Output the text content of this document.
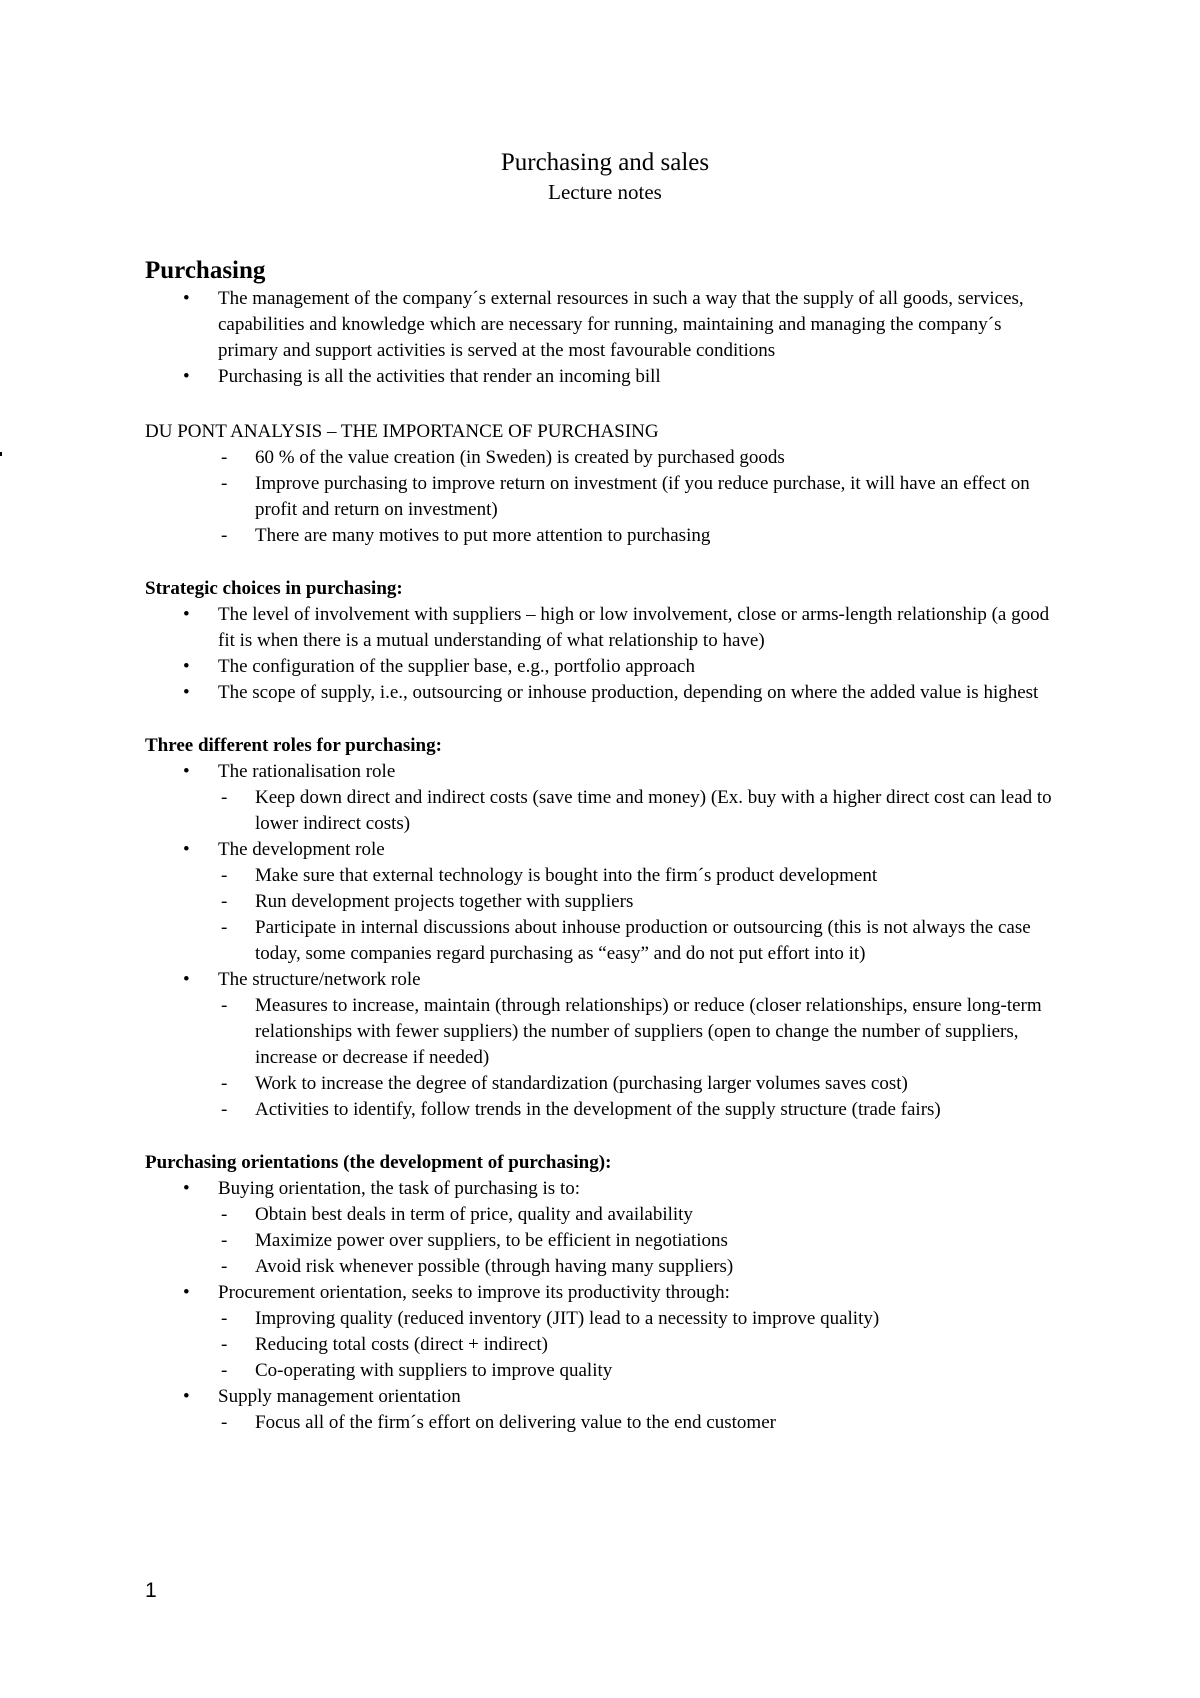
Purchasing and sales
Lecture notes
Purchasing
• The management of the company´s external resources in such a way that the supply of all goods, services, capabilities and knowledge which are necessary for running, maintaining and managing the company´s primary and support activities is served at the most favourable conditions
• Purchasing is all the activities that render an incoming bill
DU PONT ANALYSIS – THE IMPORTANCE OF PURCHASING
- 60 % of the value creation (in Sweden) is created by purchased goods
- Improve purchasing to improve return on investment (if you reduce purchase, it will have an effect on profit and return on investment)
- There are many motives to put more attention to purchasing
Strategic choices in purchasing:
• The level of involvement with suppliers – high or low involvement, close or arms-length relationship (a good fit is when there is a mutual understanding of what relationship to have)
• The configuration of the supplier base, e.g., portfolio approach
• The scope of supply, i.e., outsourcing or inhouse production, depending on where the added value is highest
Three different roles for purchasing:
• The rationalisation role
- Keep down direct and indirect costs (save time and money) (Ex. buy with a higher direct cost can lead to lower indirect costs)
• The development role
- Make sure that external technology is bought into the firm´s product development
- Run development projects together with suppliers
- Participate in internal discussions about inhouse production or outsourcing (this is not always the case today, some companies regard purchasing as “easy” and do not put effort into it)
• The structure/network role
- Measures to increase, maintain (through relationships) or reduce (closer relationships, ensure long-term relationships with fewer suppliers) the number of suppliers (open to change the number of suppliers, increase or decrease if needed)
- Work to increase the degree of standardization (purchasing larger volumes saves cost)
- Activities to identify, follow trends in the development of the supply structure (trade fairs)
Purchasing orientations (the development of purchasing):
• Buying orientation, the task of purchasing is to:
- Obtain best deals in term of price, quality and availability
- Maximize power over suppliers, to be efficient in negotiations
- Avoid risk whenever possible (through having many suppliers)
• Procurement orientation, seeks to improve its productivity through:
- Improving quality (reduced inventory (JIT) lead to a necessity to improve quality)
- Reducing total costs (direct + indirect)
- Co-operating with suppliers to improve quality
• Supply management orientation
- Focus all of the firm´s effort on delivering value to the end customer
1
